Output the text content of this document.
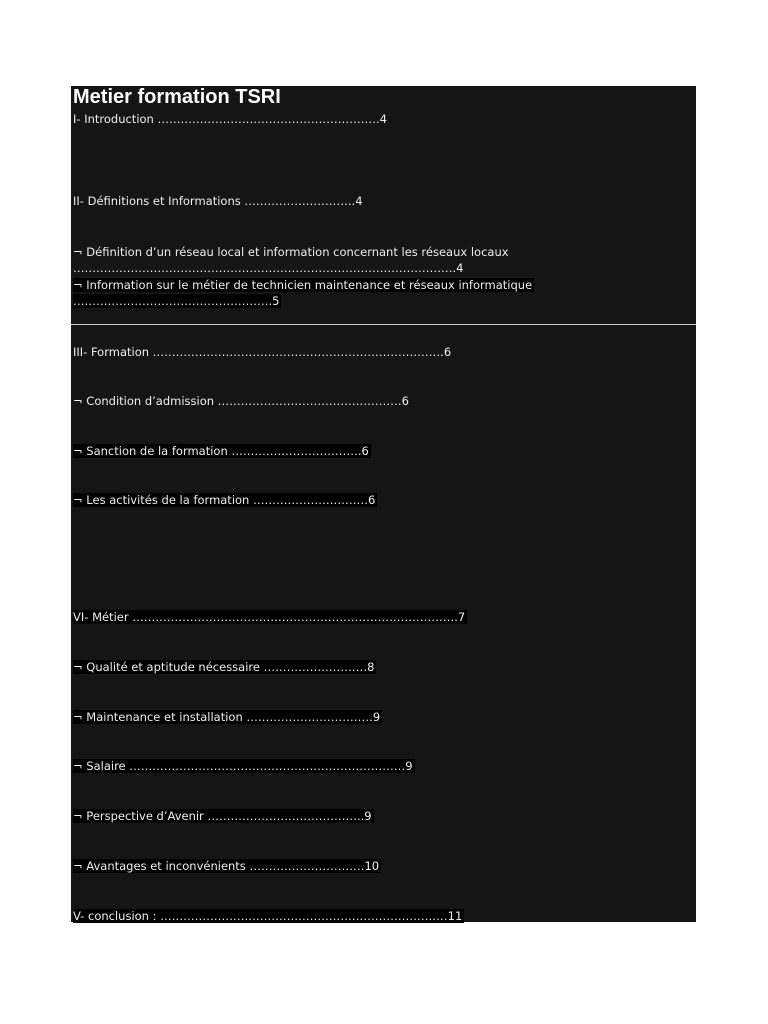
Metier formation TSRI
I- Introduction ………………………………………………….4
II- Définitions et Informations ………………………..4
¬ Définition d’un réseau local et information concernant les réseaux locaux
……………………………………………………………………………………….4
¬ Information sur le métier de technicien maintenance et réseaux informatique
…………………………………………….5
III- Formation ………………………………………………………………….6
¬ Condition d’admission …………………………………………6
¬ Sanction de la formation …………………………….6
¬ Les activités de la formation …………………………6
VI- Métier ………………………………………………………………………….7
¬ Qualité et aptitude nécessaire ………………………8
¬ Maintenance et installation ……………………………9
¬ Salaire ………………………………………………………………9
¬ Perspective d’Avenir …………………………………..9
¬ Avantages et inconvénients …………………………10
V- conclusion : …………………………………………………………………11
